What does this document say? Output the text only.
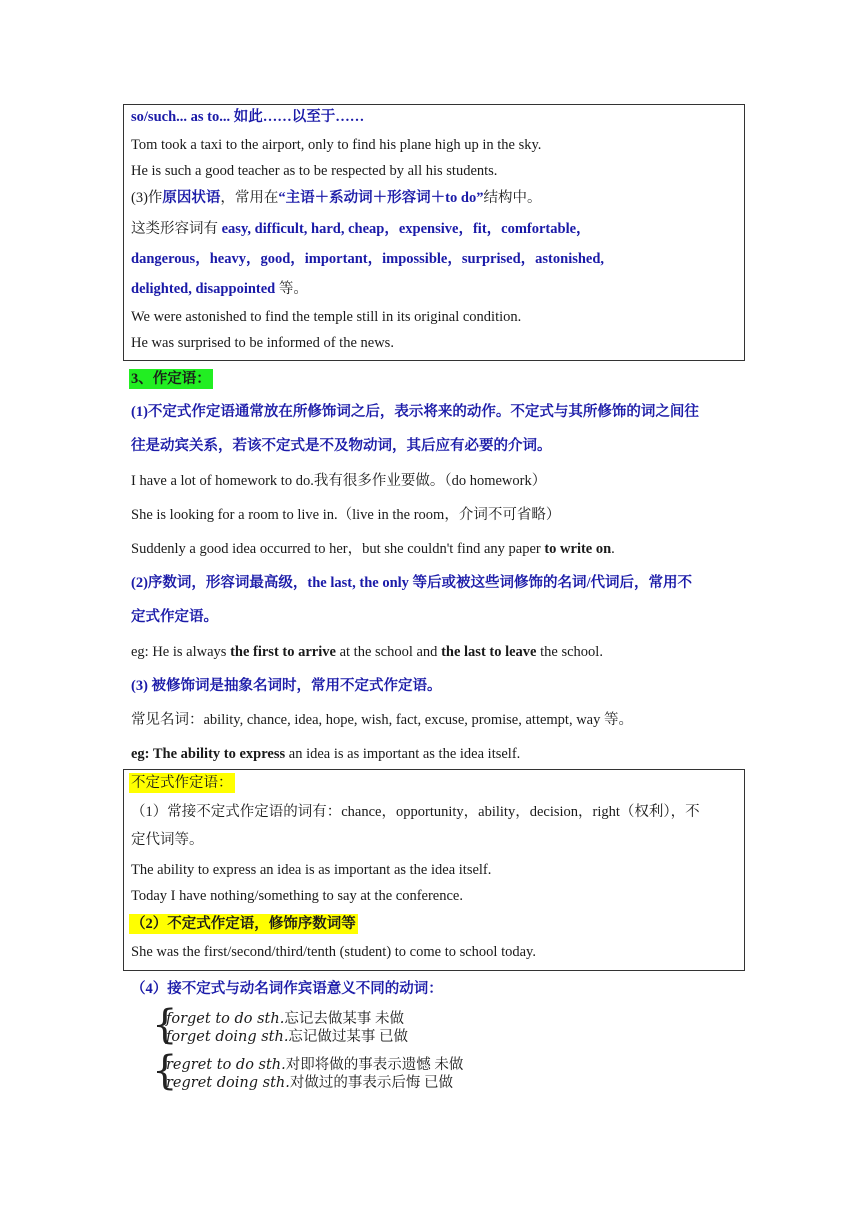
so/such... as to... 如此……以至于……
Tom took a taxi to the airport, only to find his plane high up in the sky.
He is such a good teacher as to be respected by all his students.
(3)作原因状语，常用在“主语＋系动词＋形容词＋to do”结构中。
这类形容词有 easy, difficult, hard, cheap，expensive，fit，comfortable，
dangerous，heavy，good，important，impossible，surprised，astonished,
delighted, disappointed 等。
We were astonished to find the temple still in its original condition.
He was surprised to be informed of the news.
3、作定语：
(1)不定式作定语通常放在所修饰词之后，表示将来的动作。不定式与其所修饰的词之间往
往是动宾关系，若该不定式是不及物动词，其后应有必要的介词。
I have a lot of homework to do.我有很多作业要做。（do homework）
She is looking for a room to live in.（live in the room，介词不可省略）
Suddenly a good idea occurred to her，but she couldn't find any paper to write on.
(2)序数词，形容词最高级，the last, the only 等后或被这些词修饰的名词/代词后，常用不
定式作定语。
eg: He is always the first to arrive at the school and the last to leave the school.
(3) 被修饰词是抽象名词时，常用不定式作定语。
常见名词：ability, chance, idea, hope, wish, fact, excuse, promise, attempt, way 等。
eg: The ability to express an idea is as important as the idea itself.
不定式作定语：
（1）常接不定式作定语的词有：chance，opportunity，ability，decision，right（权利），不
定代词等。
The ability to express an idea is as important as the idea itself.
Today I have nothing/something to say at the conference.
（2）不定式作定语，修饰序数词等
She was the first/second/third/tenth (student) to come to school today.
（4）接不定式与动名词作宾语意义不同的动词：
{
forget to do sth.忘记去做某事 未做
forget doing sth.忘记做过某事 已做
{
regret to do sth.对即将做的事表示遗憾 未做
regret doing sth.对做过的事表示后悔 已做
